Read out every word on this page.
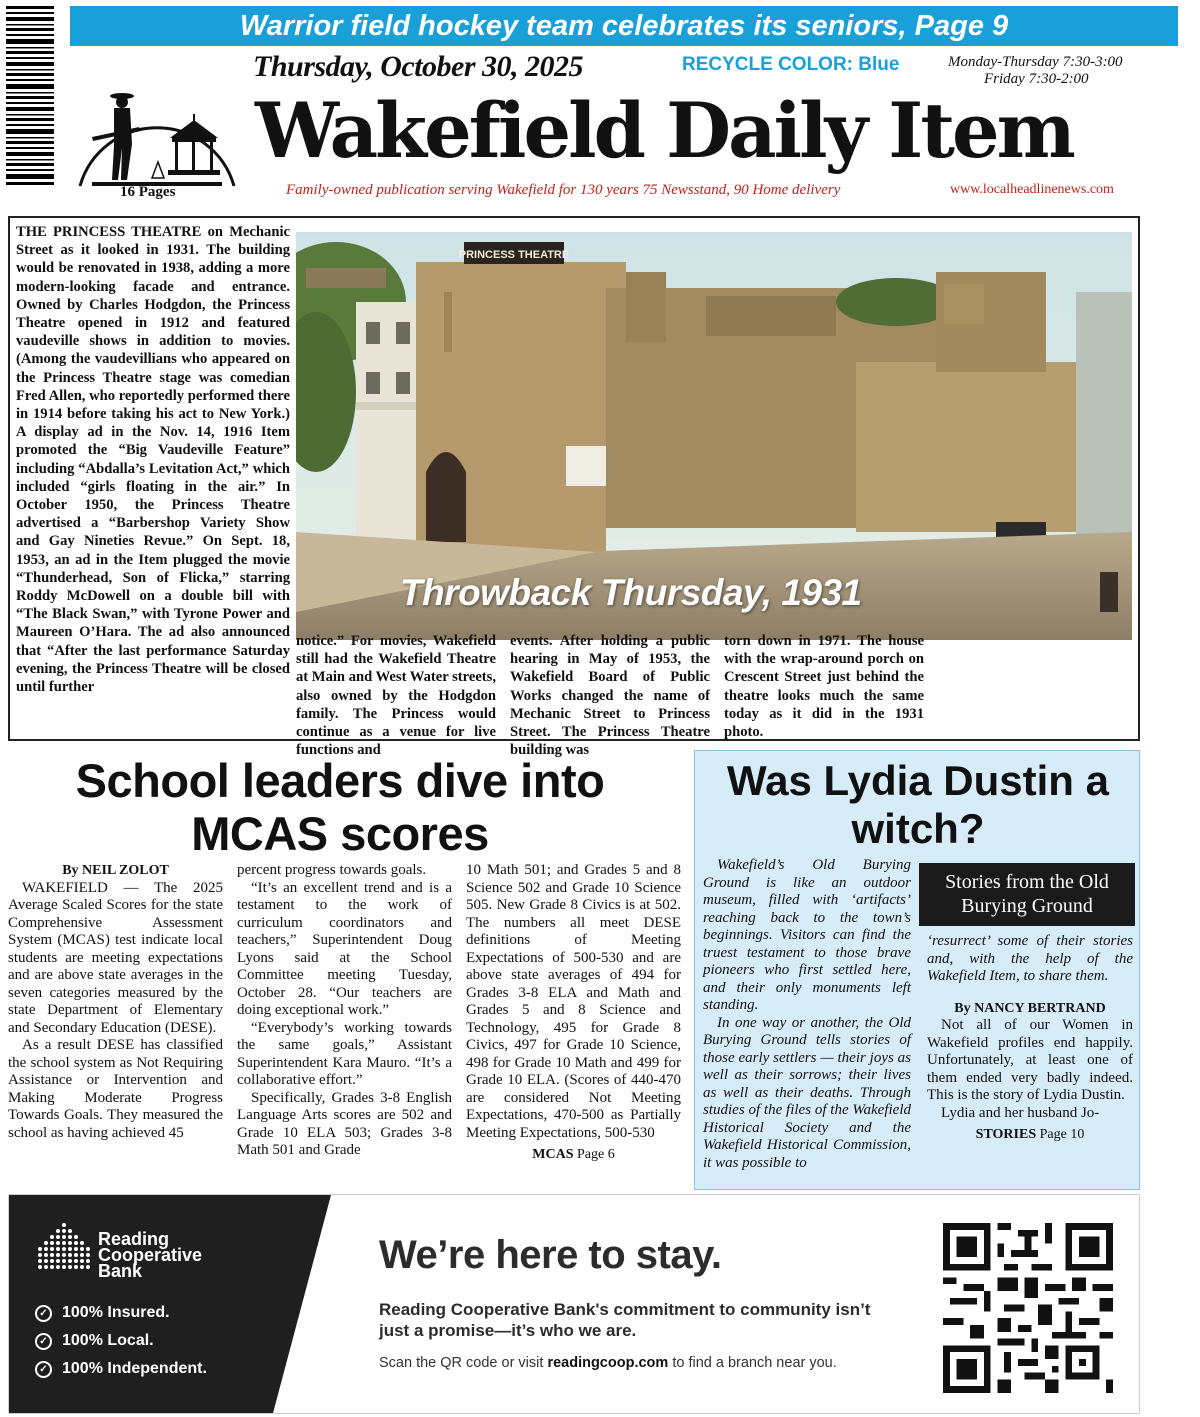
Warrior field hockey team celebrates its seniors, Page 9
16 Pages
Thursday, October 30, 2025	RECYCLE COLOR: Blue	Monday-Thursday 7:30-3:00
Friday 7:30-2:00
Wakefield Daily Item
Family-owned publication serving Wakefield for 130 years 75 Newsstand, 90 Home delivery	www.localheadlinenews.com
THE PRINCESS THEATRE on Mechanic Street as it looked in 1931. The building would be renovated in 1938, adding a more modern-looking facade and entrance. Owned by Charles Hodgdon, the Princess Theatre opened in 1912 and featured vaudeville shows in addition to movies. (Among the vaudevillians who appeared on the Princess Theatre stage was comedian Fred Allen, who reportedly performed there in 1914 before taking his act to New York.) A display ad in the Nov. 14, 1916 Item promoted the “Big Vaudeville Feature” including “Abdalla’s Levitation Act,” which included “girls floating in the air.” In October 1950, the Princess Theatre advertised a “Barbershop Variety Show and Gay Nineties Revue.” On Sept. 18, 1953, an ad in the Item plugged the movie “Thunderhead, Son of Flicka,” starring Roddy McDowell on a double bill with “The Black Swan,” with Tyrone Power and Maureen O’Hara. The ad also announced that “After the last performance Saturday evening, the Princess Theatre will be closed until further
PRINCESS THEATRE
Throwback Thursday, 1931
notice.” For movies, Wakefield still had the Wakefield Theatre at Main and West Water streets, also owned by the Hodgdon family. The Princess would continue as a venue for live functions and
events. After holding a public hearing in May of 1953, the Wakefield Board of Public Works changed the name of Mechanic Street to Princess Street. The Princess Theatre building was
torn down in 1971. The house with the wrap-around porch on Crescent Street just behind the theatre looks much the same today as it did in the 1931 photo.
School leaders dive into MCAS scores
By NEIL ZOLOT

WAKEFIELD — The 2025 Average Scaled Scores for the state Comprehensive Assessment System (MCAS) test indicate local students are meeting expectations and are above state averages in the seven categories measured by the state Department of Elementary and Secondary Education (DESE).

As a result DESE has classified the school system as Not Requiring Assistance or Intervention and Making Moderate Progress Towards Goals. They measured the school as having achieved 45

percent progress towards goals.

“It’s an excellent trend and is a testament to the work of curriculum coordinators and teachers,” Superintendent Doug Lyons said at the School Committee meeting Tuesday, October 28. “Our teachers are doing exceptional work.”

“Everybody’s working towards the same goals,” Assistant Superintendent Kara Mauro. “It’s a collaborative effort.”

Specifically, Grades 3-8 English Language Arts scores are 502 and Grade 10 ELA 503; Grades 3-8 Math 501 and Grade

10 Math 501; and Grades 5 and 8 Science 502 and Grade 10 Science 505. New Grade 8 Civics is at 502. The numbers all meet DESE definitions of Meeting Expectations of 500-530 and are above state averages of 494 for Grades 3-8 ELA and Math and Grades 5 and 8 Science and Technology, 495 for Grade 8 Civics, 497 for Grade 10 Science, 498 for Grade 10 Math and 499 for Grade 10 ELA. (Scores of 440-470 are considered Not Meeting Expectations, 470-500 as Partially Meeting Expectations, 500-530

MCAS Page 6
Was Lydia Dustin a witch?

Wakefield’s Old Burying Ground is like an outdoor museum, filled with ‘artifacts’ reaching back to the town’s beginnings. Visitors can find the truest testament to those brave pioneers who first settled here, and their only monuments left standing.

In one way or another, the Old Burying Ground tells stories of those early settlers — their joys as well as their sorrows; their lives as well as their deaths. Through studies of the files of the Wakefield Historical Society and the Wakefield Historical Commission, it was possible to

Stories from the Old Burying Ground

‘resurrect’ some of their stories and, with the help of the Wakefield Item, to share them.

By NANCY BERTRAND

Not all of our Women in Wakefield profiles end happily. Unfortunately, at least one of them ended very badly indeed. This is the story of Lydia Dustin.

Lydia and her husband Jo-

STORIES Page 10
Reading
Cooperative
Bank
✓ 100% Insured.
✓ 100% Local.
✓ 100% Independent.
We’re here to stay.
Reading Cooperative Bank's commitment to community isn’t just a promise—it’s who we are.
Scan the QR code or visit readingcoop.com to find a branch near you.
